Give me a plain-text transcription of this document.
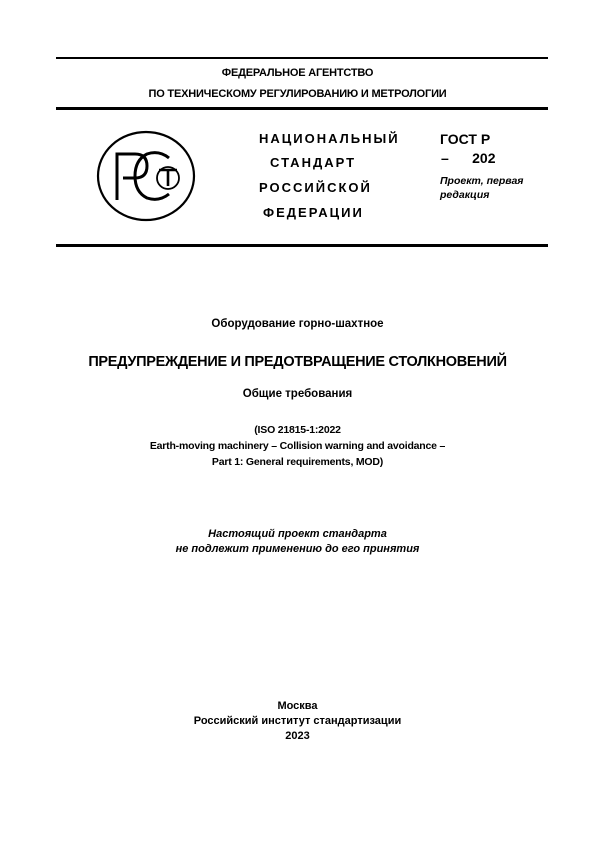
ФЕДЕРАЛЬНОЕ АГЕНТСТВО
ПО ТЕХНИЧЕСКОМУ РЕГУЛИРОВАНИЮ И МЕТРОЛОГИИ
НАЦИОНАЛЬНЫЙ
СТАНДАРТ
РОССИЙСКОЙ
ФЕДЕРАЦИИ
ГОСТ Р
–      202
Проект, первая
редакция
Оборудование горно-шахтное
ПРЕДУПРЕЖДЕНИЕ И ПРЕДОТВРАЩЕНИЕ СТОЛКНОВЕНИЙ
Общие требования
(ISO 21815-1:2022
Earth-moving machinery – Collision warning and avoidance –
Part 1: General requirements, MOD)
Настоящий проект стандарта
не подлежит применению до его принятия
Москва
Российский институт стандартизации
2023
